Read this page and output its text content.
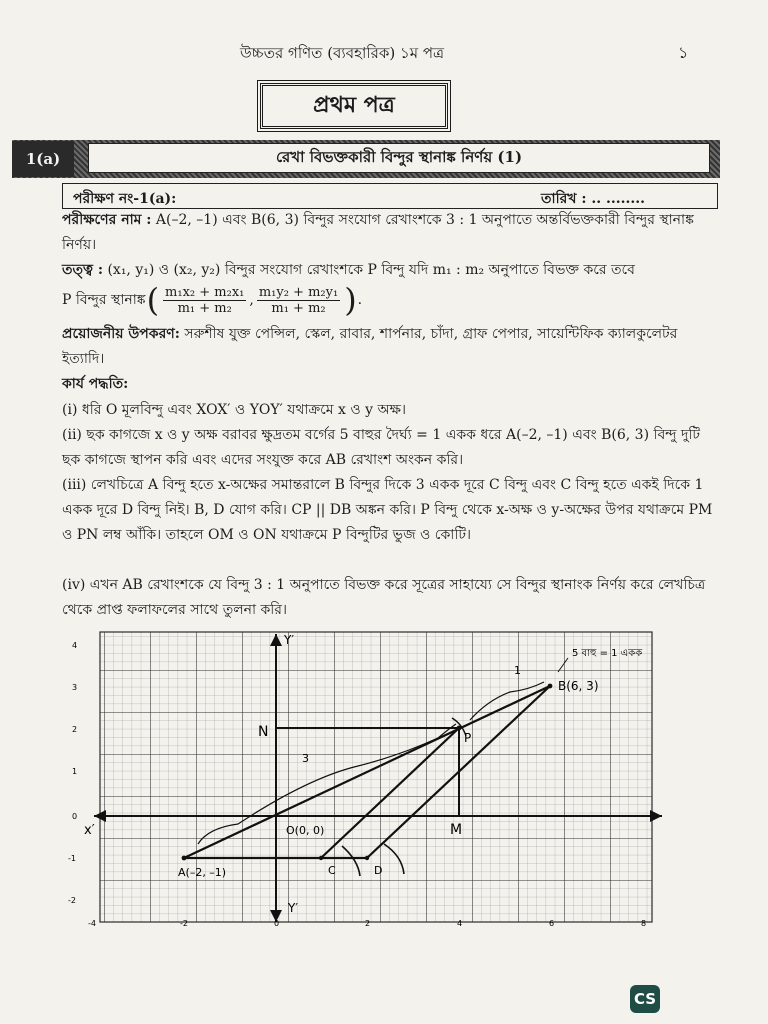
উচ্চতর গণিত (ব্যবহারিক) ১ম পত্র	১
প্রথম পত্র
1(a)	রেখা বিভক্তকারী বিন্দুর স্থানাঙ্ক নির্ণয় (1)
পরীক্ষণ নং-1(a):	তারিখ : .. ........

পরীক্ষণের নাম : A(–2, –1) এবং B(6, 3) বিন্দুর সংযোগ রেখাংশকে 3 : 1 অনুপাতে অন্তর্বিভক্তকারী বিন্দুর স্থানাঙ্ক নির্ণয়।

তত্ত্ব : (x₁, y₁) ও (x₂, y₂) বিন্দুর সংযোগ রেখাংশকে P বিন্দু যদি m₁ : m₂ অনুপাতে বিভক্ত করে তবে

P বিন্দুর স্থানাঙ্ক ( $\frac{\text{m₁x₂ + m₂x₁}}{\text{m₁ + m₂}}$ , $\frac{\text{m₁y₂ + m₂y₁}}{\text{m₁ + m₂}}$ ) .

প্রয়োজনীয় উপকরণ: সরুশীষ যুক্ত পেন্সিল, স্কেল, রাবার, শার্পনার, চাঁদা, গ্রাফ পেপার, সায়েন্টিফিক ক্যালকুলেটর ইত্যাদি।

কার্য পদ্ধতি:

(i) ধরি O মূলবিন্দু এবং XOX′ ও YOY′ যথাক্রমে x ও y অক্ষ।

(ii) ছক কাগজে x ও y অক্ষ বরাবর ক্ষুদ্রতম বর্গের 5 বাহুর দৈর্ঘ্য = 1 একক ধরে A(–2, –1) এবং B(6, 3) বিন্দু দুটি ছক কাগজে স্থাপন করি এবং এদের সংযুক্ত করে AB রেখাংশ অংকন করি।

(iii) লেখচিত্রে A বিন্দু হতে x-অক্ষের সমান্তরালে B বিন্দুর দিকে 3 একক দূরে C বিন্দু এবং C বিন্দু হতে একই দিকে 1 একক দূরে D বিন্দু নিই। B, D যোগ করি। CP || DB অঙ্কন করি। P বিন্দু থেকে x-অক্ষ ও y-অক্ষের উপর যথাক্রমে PM ও PN লম্ব আঁকি। তাহলে OM ও ON যথাক্রমে P বিন্দুটির ভুজ ও কোটি।

(iv) এখন AB রেখাংশকে যে বিন্দু 3 : 1 অনুপাতে বিভক্ত করে সূত্রের সাহায্যে সে বিন্দুর স্থানাংক নির্ণয় করে লেখচিত্র থেকে প্রাপ্ত ফলাফলের সাথে তুলনা করি।

4
3
2
1
0
-1
-2
-4	-2	0	2	4	6	8
x′
Y′
Y′
O(0, 0)
A(–2, –1)
B(6, 3)
C	D
P
M
N
3
1
5 বাহু = 1 একক
CS
